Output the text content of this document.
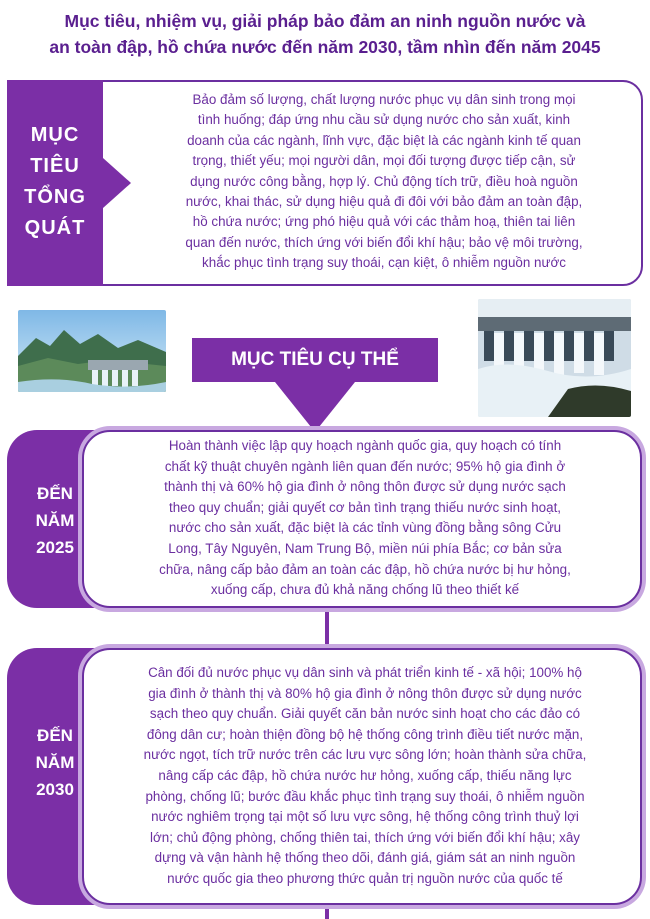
Mục tiêu, nhiệm vụ, giải pháp bảo đảm an ninh nguồn nước và
an toàn đập, hồ chứa nước đến năm 2030, tầm nhìn đến năm 2045
MỤC
TIÊU
TỔNG
QUÁT
Bảo đảm số lượng, chất lượng nước phục vụ dân sinh trong mọi
tình huống; đáp ứng nhu cầu sử dụng nước cho sản xuất, kinh
doanh của các ngành, lĩnh vực, đặc biệt là các ngành kinh tế quan
trọng, thiết yếu; mọi người dân, mọi đối tượng được tiếp cận, sử
dụng nước công bằng, hợp lý. Chủ động tích trữ, điều hoà nguồn
nước, khai thác, sử dụng hiệu quả đi đôi với bảo đảm an toàn đập,
hồ chứa nước; ứng phó hiệu quả với các thảm hoạ, thiên tai liên
quan đến nước, thích ứng với biến đổi khí hậu; bảo vệ môi trường,
khắc phục tình trạng suy thoái, cạn kiệt, ô nhiễm nguồn nước
MỤC TIÊU CỤ THỂ
ĐẾN
NĂM
2025
Hoàn thành việc lập quy hoạch ngành quốc gia, quy hoạch có tính
chất kỹ thuật chuyên ngành liên quan đến nước; 95% hộ gia đình ở
thành thị và 60% hộ gia đình ở nông thôn được sử dụng nước sạch
theo quy chuẩn; giải quyết cơ bản tình trạng thiếu nước sinh hoạt,
nước cho sản xuất, đặc biệt là các tỉnh vùng đồng bằng sông Cửu
Long, Tây Nguyên, Nam Trung Bộ, miền núi phía Bắc; cơ bản sửa
chữa, nâng cấp bảo đảm an toàn các đập, hồ chứa nước bị hư hỏng,
xuống cấp, chưa đủ khả năng chống lũ theo thiết kế
ĐẾN
NĂM
2030
Cân đối đủ nước phục vụ dân sinh và phát triển kinh tế - xã hội; 100% hộ
gia đình ở thành thị và 80% hộ gia đình ở nông thôn được sử dụng nước
sạch theo quy chuẩn. Giải quyết căn bản nước sinh hoạt cho các đảo có
đông dân cư; hoàn thiện đồng bộ hệ thống công trình điều tiết nước mặn,
nước ngọt, tích trữ nước trên các lưu vực sông lớn; hoàn thành sửa chữa,
nâng cấp các đập, hồ chứa nước hư hỏng, xuống cấp, thiếu năng lực
phòng, chống lũ; bước đầu khắc phục tình trạng suy thoái, ô nhiễm nguồn
nước nghiêm trọng tại một số lưu vực sông, hệ thống công trình thuỷ lợi
lớn; chủ động phòng, chống thiên tai, thích ứng với biến đổi khí hậu; xây
dựng và vận hành hệ thống theo dõi, đánh giá, giám sát an ninh nguồn
nước quốc gia theo phương thức quản trị nguồn nước của quốc tế
